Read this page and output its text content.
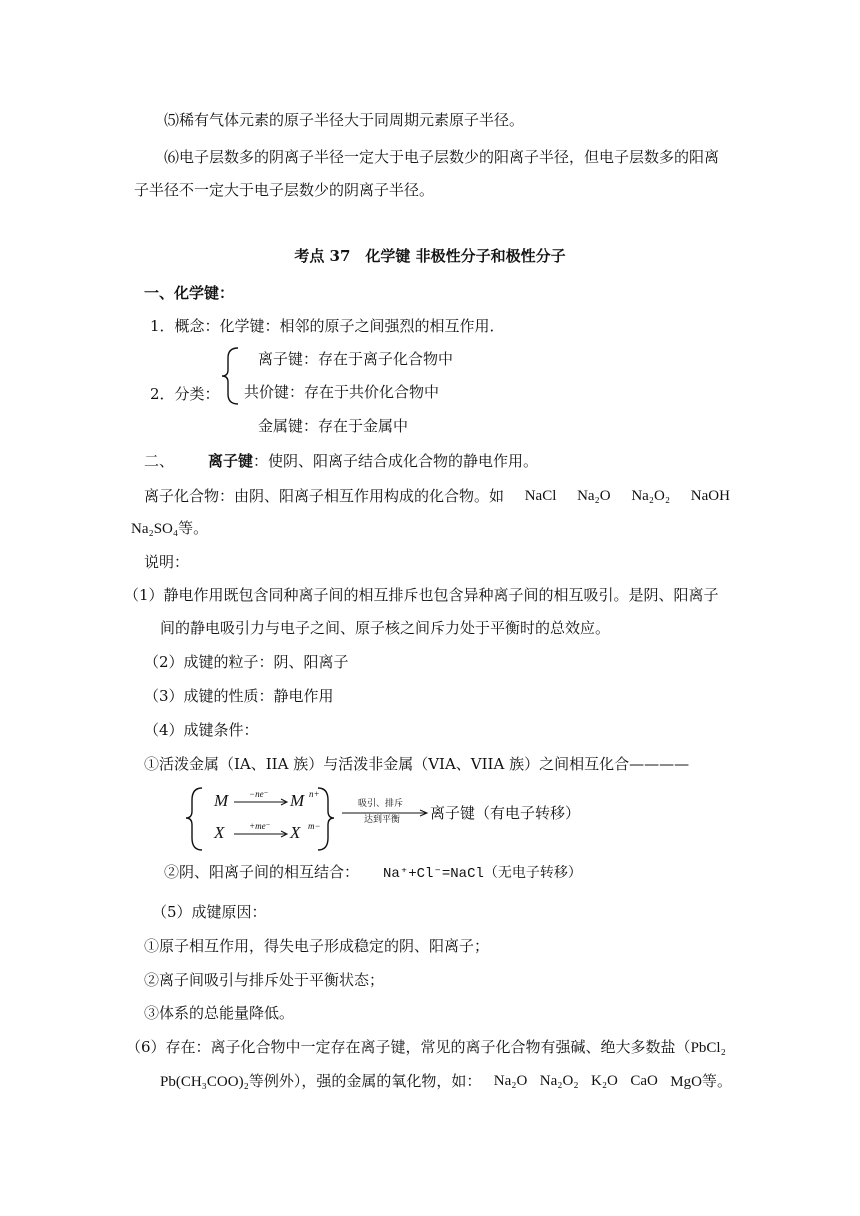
⑸稀有气体元素的原子半径大于同周期元素原子半径。
⑹电子层数多的阴离子半径一定大于电子层数少的阳离子半径，但电子层数多的阳离
子半径不一定大于电子层数少的阴离子半径。
考点 37　化学键 非极性分子和极性分子
一、化学键：
1．概念：化学键：相邻的原子之间强烈的相互作用．
2．分类：
离子键：存在于离子化合物中
共价键：存在于共价化合物中
金属键：存在于金属中
二、 离子键：使阴、阳离子结合成化合物的静电作用。
离子化合物：由阴、阳离子相互作用构成的化合物。如 NaCl Na₂O Na₂O₂ NaOH
Na₂SO₄等。
说明：
（1）静电作用既包含同种离子间的相互排斥也包含异种离子间的相互吸引。是阴、阳离子
间的静电吸引力与电子之间、原子核之间斥力处于平衡时的总效应。
（2）成键的粒子：阴、阳离子
（3）成键的性质：静电作用
（4）成键条件：
①活泼金属（IA、IIA 族）与活泼非金属（VIA、VIIA 族）之间相互化合————
M −ne⁻ M n+
X	+me⁻ X m−
吸引、排斥
达到平衡 离子键（有电子转移）
②阴、阳离子间的相互结合： Na⁺+Cl⁻=NaCl（无电子转移）
（5）成键原因：
①原子相互作用，得失电子形成稳定的阴、阳离子；
②离子间吸引与排斥处于平衡状态；
③体系的总能量降低。
（6）存在：离子化合物中一定存在离子键，常见的离子化合物有强碱、绝大多数盐（PbCl₂
Pb(CH₃COO)₂等例外），强的金属的氧化物，如： Na₂O Na₂O₂ K₂O CaO MgO等。
